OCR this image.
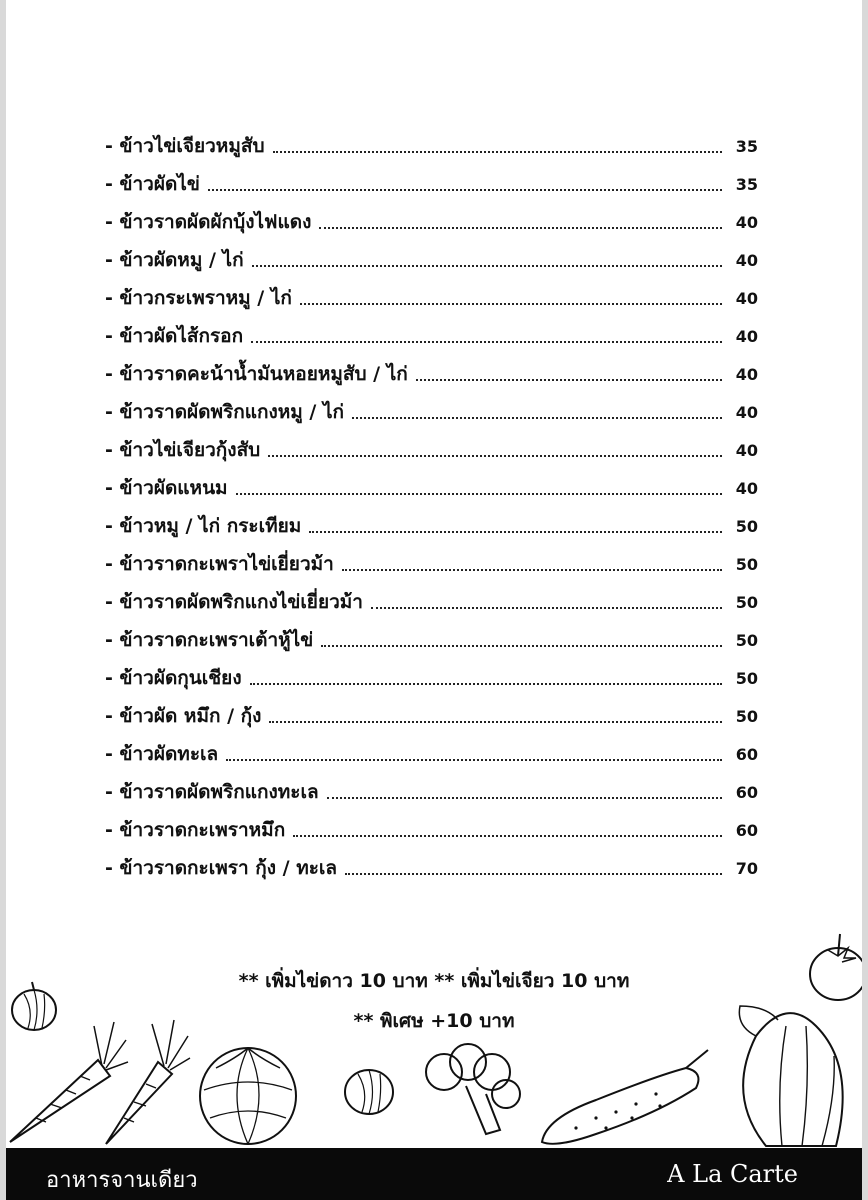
- ข้าวไข่เจียวหมูสับ	35
- ข้าวผัดไข่	35
- ข้าวราดผัดผักบุ้งไฟแดง	40
- ข้าวผัดหมู / ไก่	40
- ข้าวกระเพราหมู / ไก่	40
- ข้าวผัดไส้กรอก	40
- ข้าวราดคะน้าน้ำมันหอยหมูสับ / ไก่	40
- ข้าวราดผัดพริกแกงหมู / ไก่	40
- ข้าวไข่เจียวกุ้งสับ	40
- ข้าวผัดแหนม	40
- ข้าวหมู / ไก่ กระเทียม	50
- ข้าวราดกะเพราไข่เยี่ยวม้า	50
- ข้าวราดผัดพริกแกงไข่เยี่ยวม้า	50
- ข้าวราดกะเพราเต้าหู้ไข่	50
- ข้าวผัดกุนเชียง	50
- ข้าวผัด หมึก / กุ้ง	50
- ข้าวผัดทะเล	60
- ข้าวราดผัดพริกแกงทะเล	60
- ข้าวราดกะเพราหมึก	60
- ข้าวราดกะเพรา กุ้ง / ทะเล	70
** เพิ่มไข่ดาว 10 บาท ** เพิ่มไข่เจียว 10 บาท
** พิเศษ +10 บาท
อาหารจานเดียว	A La Carte
